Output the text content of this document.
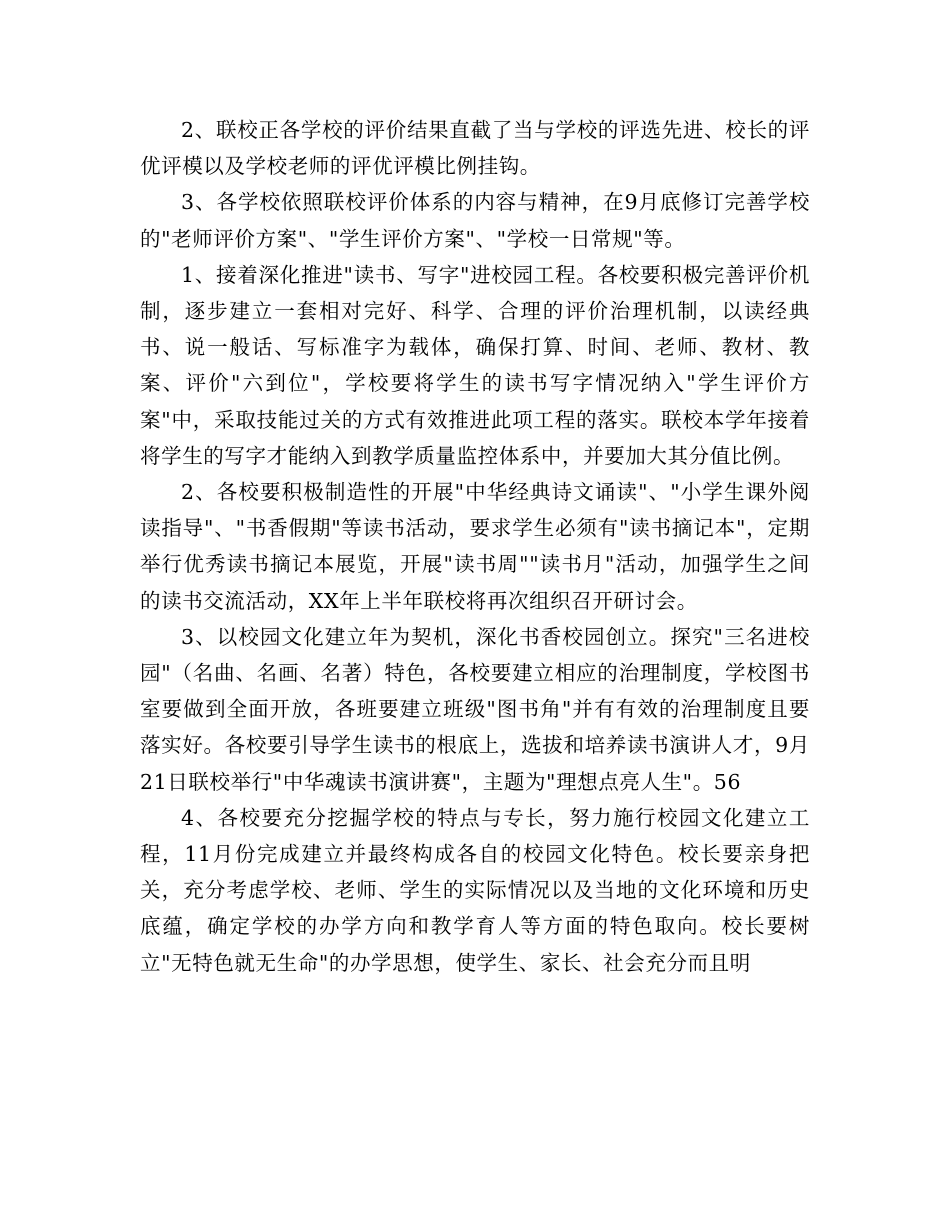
2、联校正各学校的评价结果直截了当与学校的评选先进、校长的评优评模以及学校老师的评优评模比例挂钩。

3、各学校依照联校评价体系的内容与精神，在9月底修订完善学校的"老师评价方案"、"学生评价方案"、"学校一日常规"等。

1、接着深化推进"读书、写字"进校园工程。各校要积极完善评价机制，逐步建立一套相对完好、科学、合理的评价治理机制，以读经典书、说一般话、写标准字为载体，确保打算、时间、老师、教材、教案、评价"六到位"，学校要将学生的读书写字情况纳入"学生评价方案"中，采取技能过关的方式有效推进此项工程的落实。联校本学年接着将学生的写字才能纳入到教学质量监控体系中，并要加大其分值比例。

2、各校要积极制造性的开展"中华经典诗文诵读"、"小学生课外阅读指导"、"书香假期"等读书活动，要求学生必须有"读书摘记本"，定期举行优秀读书摘记本展览，开展"读书周""读书月"活动，加强学生之间的读书交流活动，XX年上半年联校将再次组织召开研讨会。

3、以校园文化建立年为契机，深化书香校园创立。探究"三名进校园"（名曲、名画、名著）特色，各校要建立相应的治理制度，学校图书室要做到全面开放，各班要建立班级"图书角"并有有效的治理制度且要落实好。各校要引导学生读书的根底上，选拔和培养读书演讲人才，9月21日联校举行"中华魂读书演讲赛"，主题为"理想点亮人生"。56

4、各校要充分挖掘学校的特点与专长，努力施行校园文化建立工程，11月份完成建立并最终构成各自的校园文化特色。校长要亲身把关，充分考虑学校、老师、学生的实际情况以及当地的文化环境和历史底蕴，确定学校的办学方向和教学育人等方面的特色取向。校长要树立"无特色就无生命"的办学思想，使学生、家长、社会充分而且明
